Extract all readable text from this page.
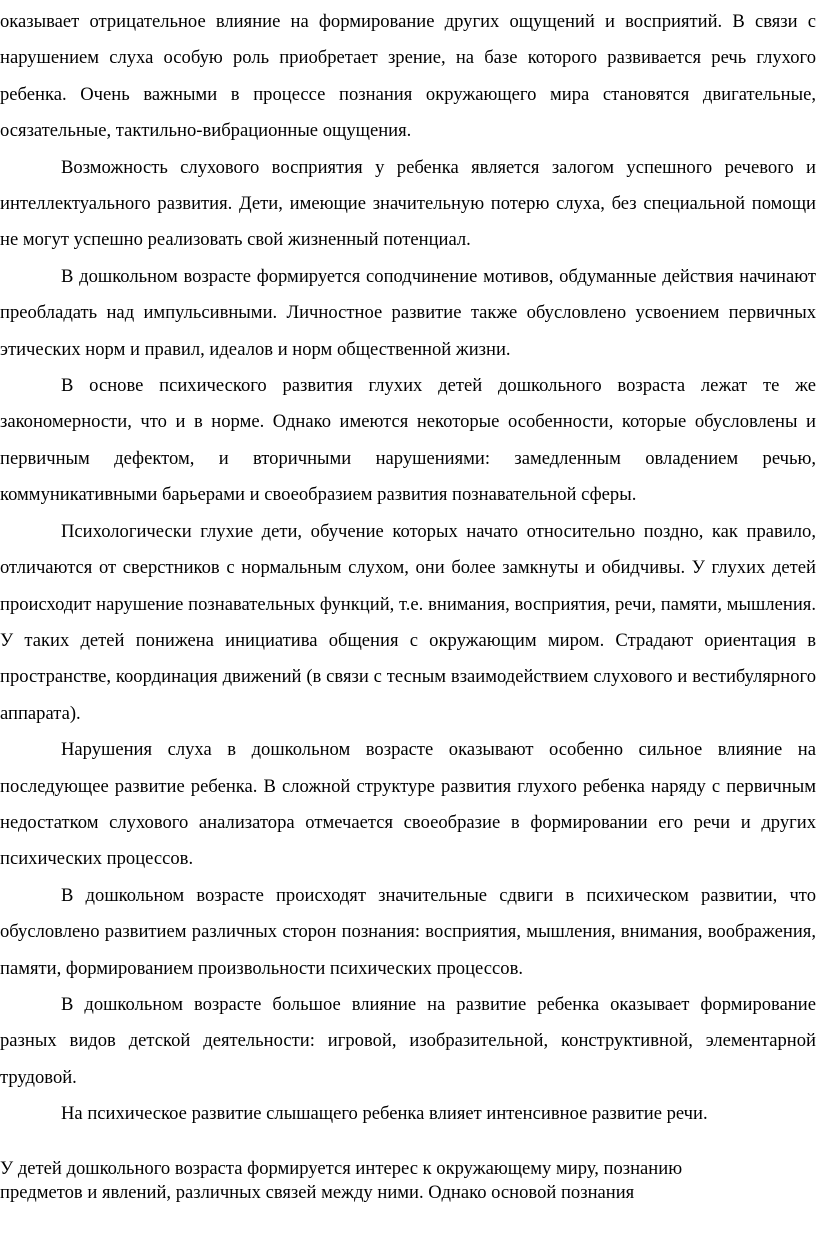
оказывает отрицательное влияние на формирование других ощущений и восприятий. В связи с нарушением слуха особую роль приобретает зрение, на базе которого развивается речь глухого ребенка. Очень важными в процессе познания окружающего мира становятся двигательные, осязательные, тактильно-вибрационные ощущения.

Возможность слухового восприятия у ребенка является залогом успешного речевого и интеллектуального развития. Дети, имеющие значительную потерю слуха, без специальной помощи не могут успешно реализовать свой жизненный потенциал.

В дошкольном возрасте формируется соподчинение мотивов, обдуманные действия начинают преобладать над импульсивными. Личностное развитие также обусловлено усвоением первичных этических норм и правил, идеалов и норм общественной жизни.

В основе психического развития глухих детей дошкольного возраста лежат те же закономерности, что и в норме. Однако имеются некоторые особенности, которые обусловлены и первичным дефектом, и вторичными нарушениями: замедленным овладением речью, коммуникативными барьерами и своеобразием развития познавательной сферы.

Психологически глухие дети, обучение которых начато относительно поздно, как правило, отличаются от сверстников с нормальным слухом, они более замкнуты и обидчивы. У глухих детей происходит нарушение познавательных функций, т.е. внимания, восприятия, речи, памяти, мышления. У таких детей понижена инициатива общения с окружающим миром. Страдают ориентация в пространстве, координация движений (в связи с тесным взаимодействием слухового и вестибулярного аппарата).

Нарушения слуха в дошкольном возрасте оказывают особенно сильное влияние на последующее развитие ребенка. В сложной структуре развития глухого ребенка наряду с первичным недостатком слухового анализатора отмечается своеобразие в формировании его речи и других психических процессов.

В дошкольном возрасте происходят значительные сдвиги в психическом развитии, что обусловлено развитием различных сторон познания: восприятия, мышления, внимания, воображения, памяти, формированием произвольности психических процессов.

В дошкольном возрасте большое влияние на развитие ребенка оказывает формирование разных видов детской деятельности: игровой, изобразительной, конструктивной, элементарной трудовой.

На психическое развитие слышащего ребенка влияет интенсивное развитие речи.

У детей дошкольного возраста формируется интерес к окружающему миру, познанию

предметов и явлений, различных связей между ними. Однако основой познания
